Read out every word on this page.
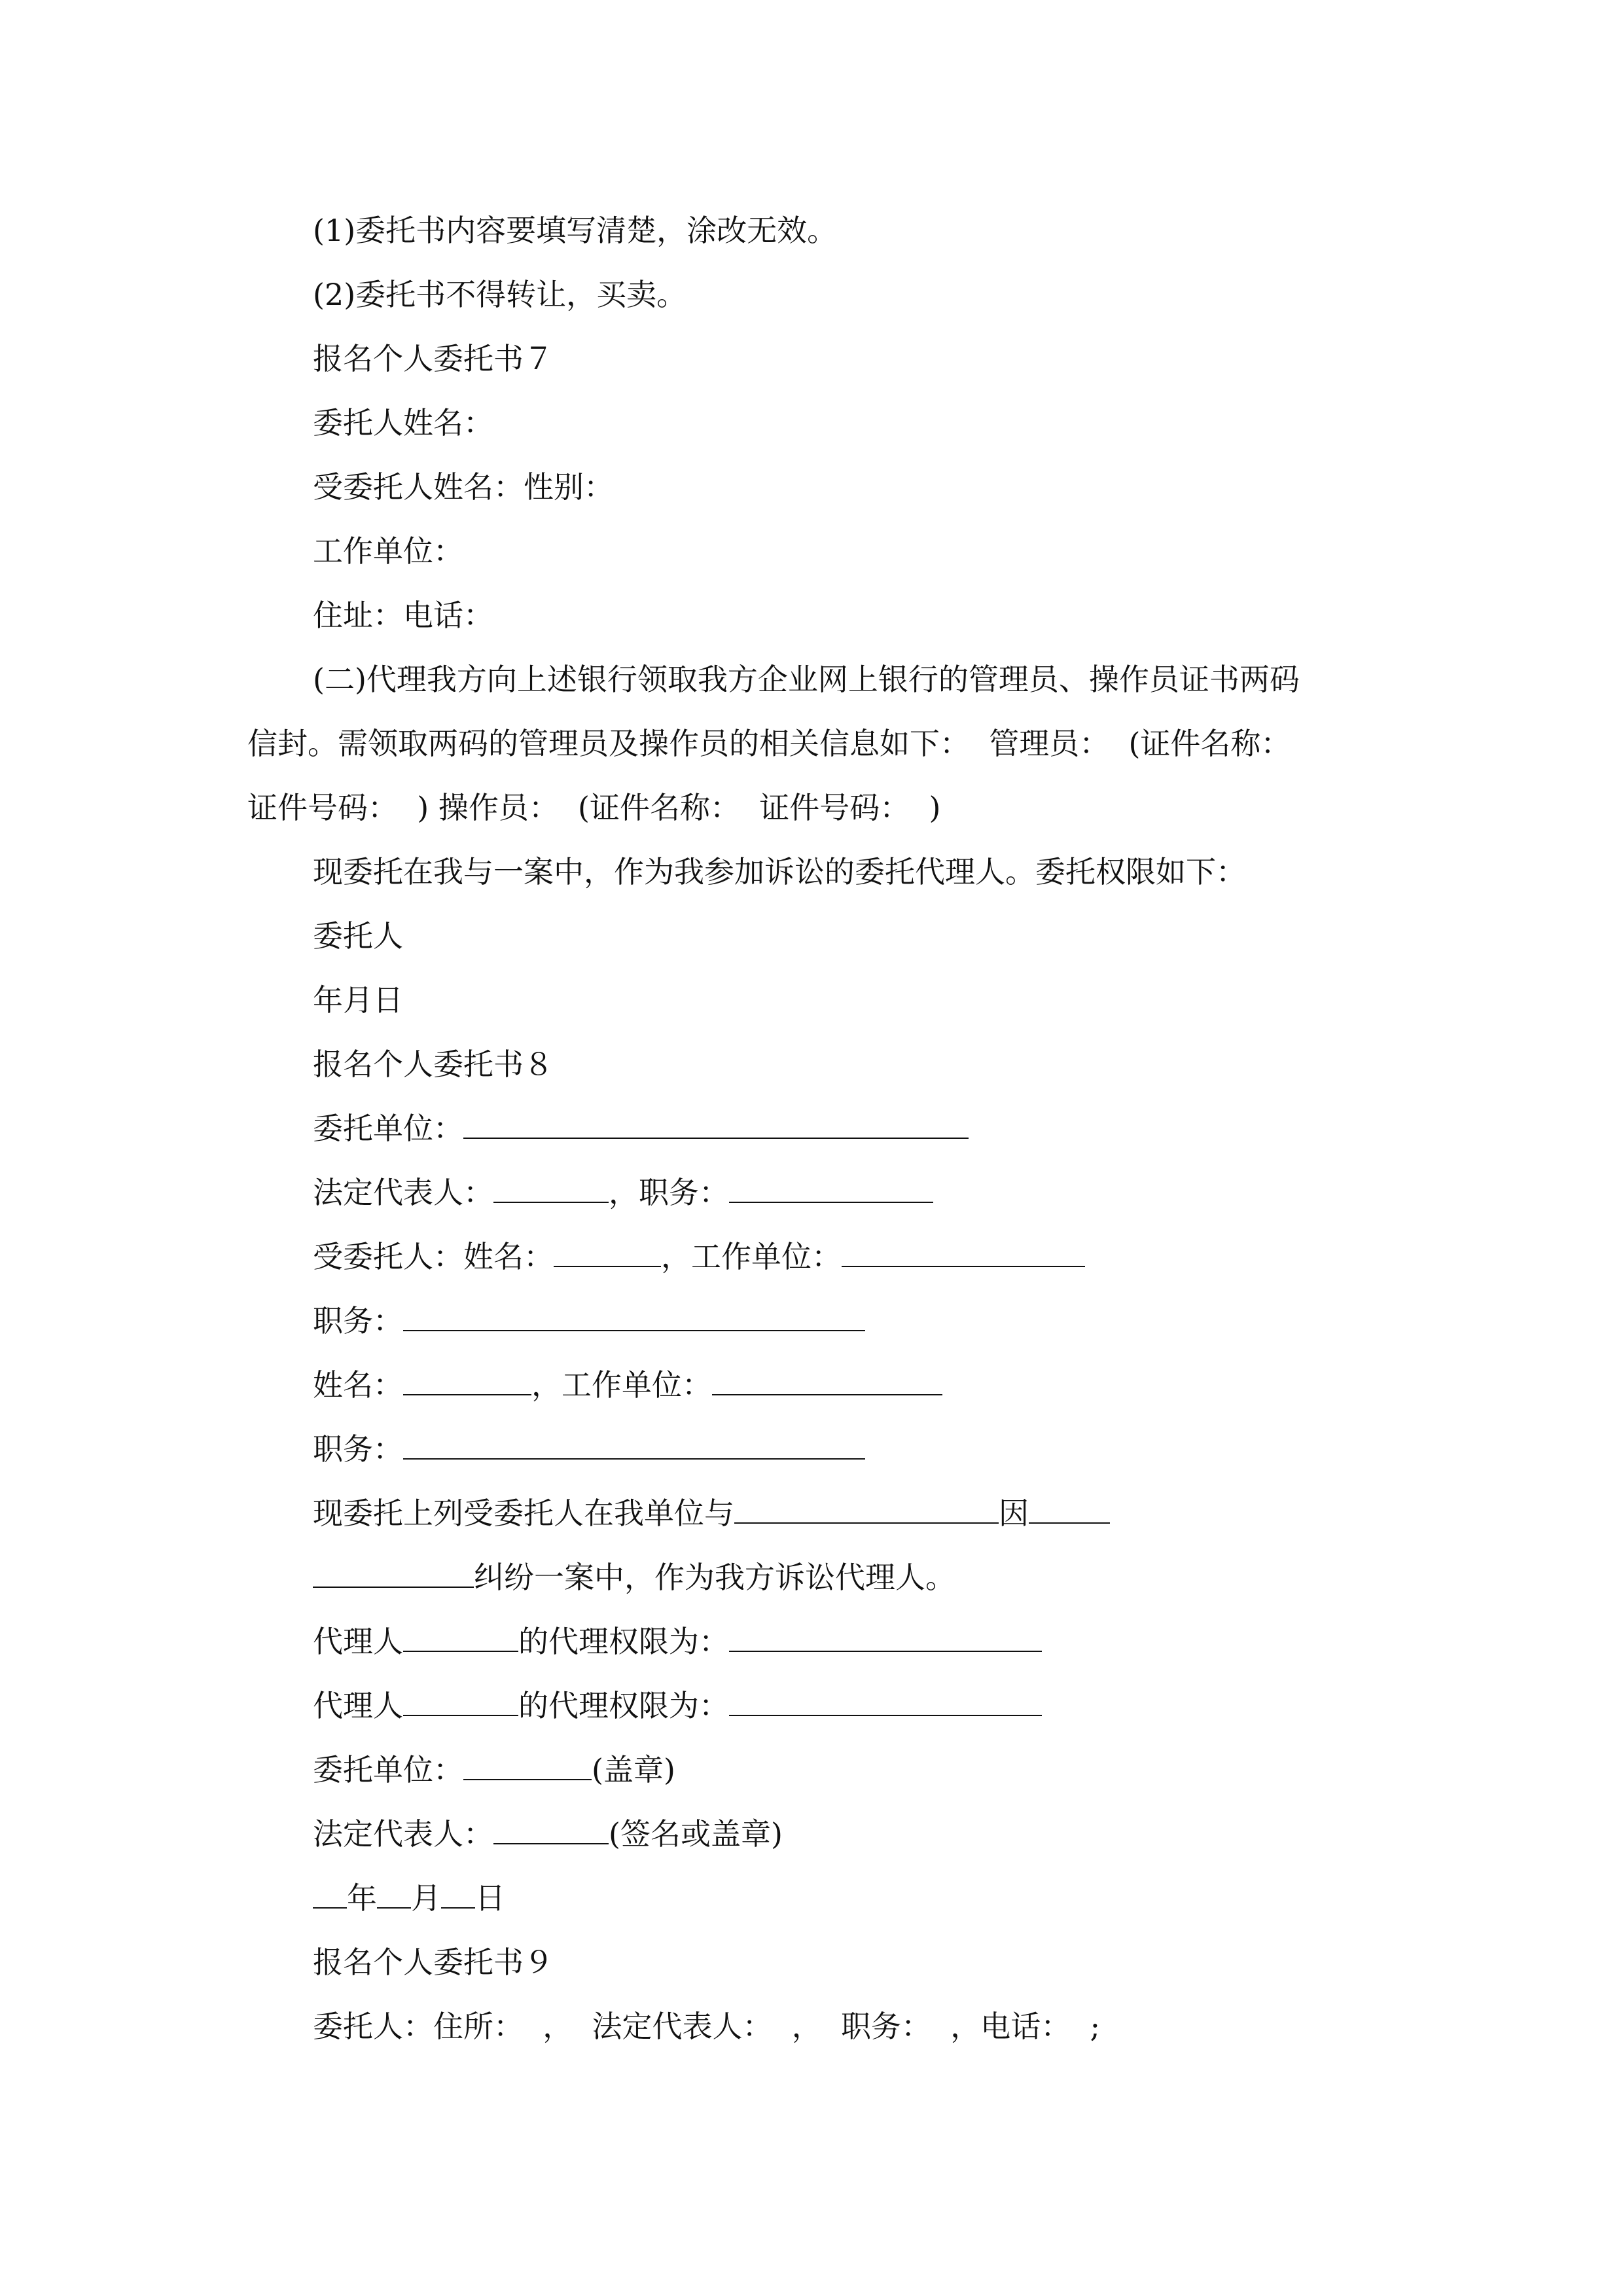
(1)委托书内容要填写清楚，涂改无效。
(2)委托书不得转让，买卖。
报名个人委托书７
委托人姓名：
受委托人姓名：性别：
工作单位：
住址：电话：
(二)代理我方向上述银行领取我方企业网上银行的管理员、操作员证书两码
信封。需领取两码的管理员及操作员的相关信息如下：  管理员：  (证件名称：
证件号码：  ) 操作员：  (证件名称：  证件号码：  )
现委托在我与一案中，作为我参加诉讼的委托代理人。委托权限如下：
委托人
年月日
报名个人委托书８
委托单位：
法定代表人：	，职务：
受委托人：姓名：	，工作单位：
职务：
姓名：	，工作单位：
职务：
现委托上列受委托人在我单位与	因
纠纷一案中，作为我方诉讼代理人。
代理人	的代理权限为：
代理人	的代理权限为：
委托单位：	(盖章)
法定代表人：	(签名或盖章)
年 月 日
报名个人委托书９
委托人：住所：  ，  法定代表人：  ，  职务：  ，电话：  ;
